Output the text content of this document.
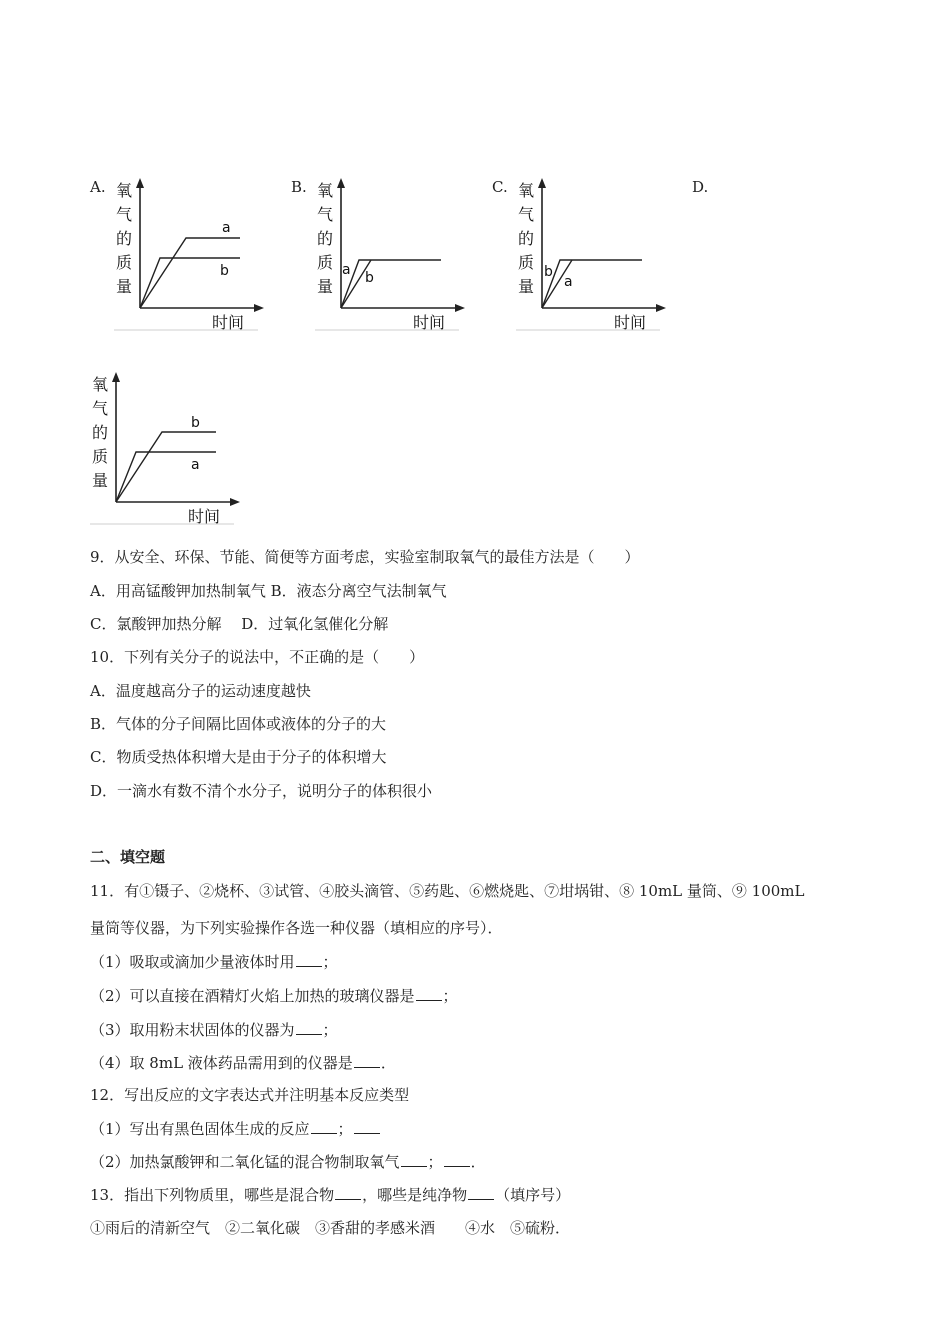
A.	B.	C.	D.
氧
气
的
质
量
a
b
时间
氧
气
的
质
量
a b
时间
氧
气
的
质
量
b
a
时间
氧
气
的
质
量
b
a
时间
9．从安全、环保、节能、简便等方面考虑，实验室制取氧气的最佳方法是（　　）
A．用高锰酸钾加热制氧气 B．液态分离空气法制氧气
C．氯酸钾加热分解　 D．过氧化氢催化分解
10．下列有关分子的说法中，不正确的是（　　）
A．温度越高分子的运动速度越快
B．气体的分子间隔比固体或液体的分子的大
C．物质受热体积增大是由于分子的体积增大
D．一滴水有数不清个水分子，说明分子的体积很小
二、填空题
11．有①镊子、②烧杯、③试管、④胶头滴管、⑤药匙、⑥燃烧匙、⑦坩埚钳、⑧ 10mL 量筒、⑨ 100mL
量筒等仪器，为下列实验操作各选一种仪器（填相应的序号）．
（1）吸取或滴加少量液体时用 ；
（2）可以直接在酒精灯火焰上加热的玻璃仪器是 ；
（3）取用粉末状固体的仪器为 ；
（4）取 8mL 液体药品需用到的仪器是 ．
12．写出反应的文字表达式并注明基本反应类型
（1）写出有黑色固体生成的反应 ；
（2）加热氯酸钾和二氧化锰的混合物制取氧气 ； ．
13．指出下列物质里，哪些是混合物 ，哪些是纯净物 （填序号）
①雨后的清新空气　②二氧化碳　③香甜的孝感米酒　　④水　⑤硫粉．
